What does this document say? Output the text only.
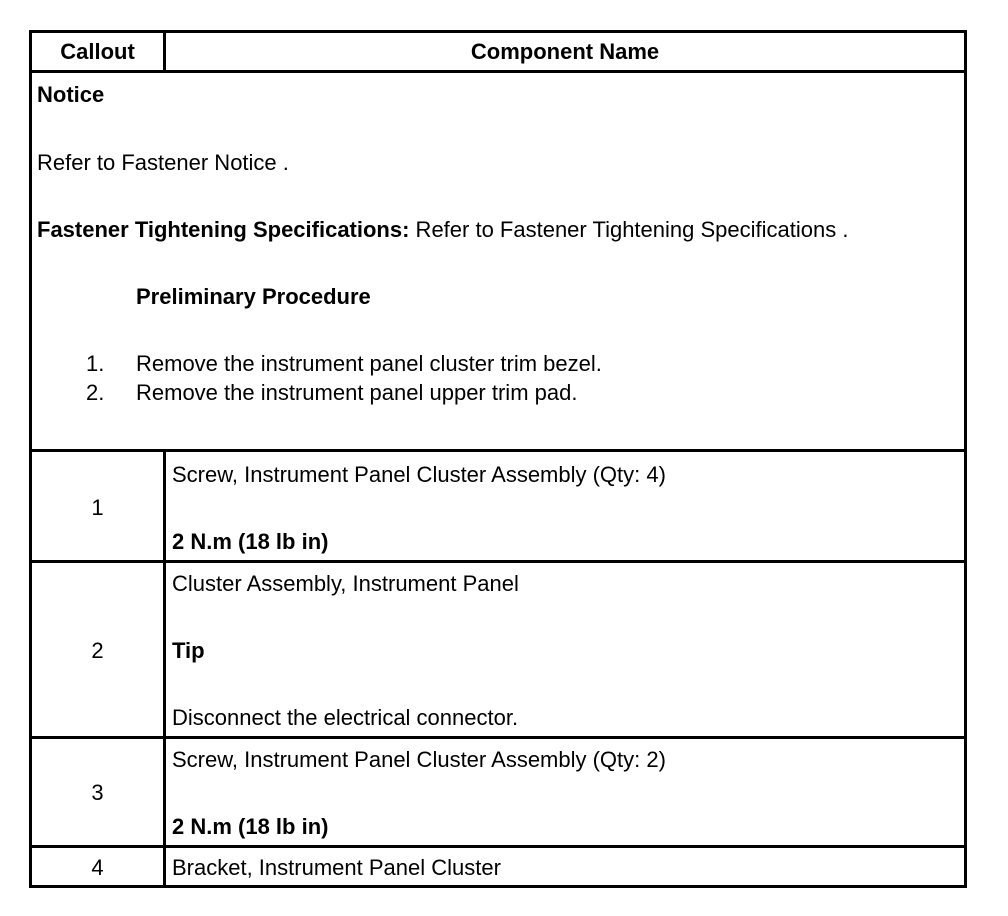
Callout	Component Name
Notice
Refer to Fastener Notice .
Fastener Tightening Specifications: Refer to Fastener Tightening Specifications .
Preliminary Procedure
1. Remove the instrument panel cluster trim bezel.
2. Remove the instrument panel upper trim pad.
1
Screw, Instrument Panel Cluster Assembly (Qty: 4)
2 N.m (18 lb in)
2
Cluster Assembly, Instrument Panel
Tip
Disconnect the electrical connector.
3
Screw, Instrument Panel Cluster Assembly (Qty: 2)
2 N.m (18 lb in)
4	Bracket, Instrument Panel Cluster
